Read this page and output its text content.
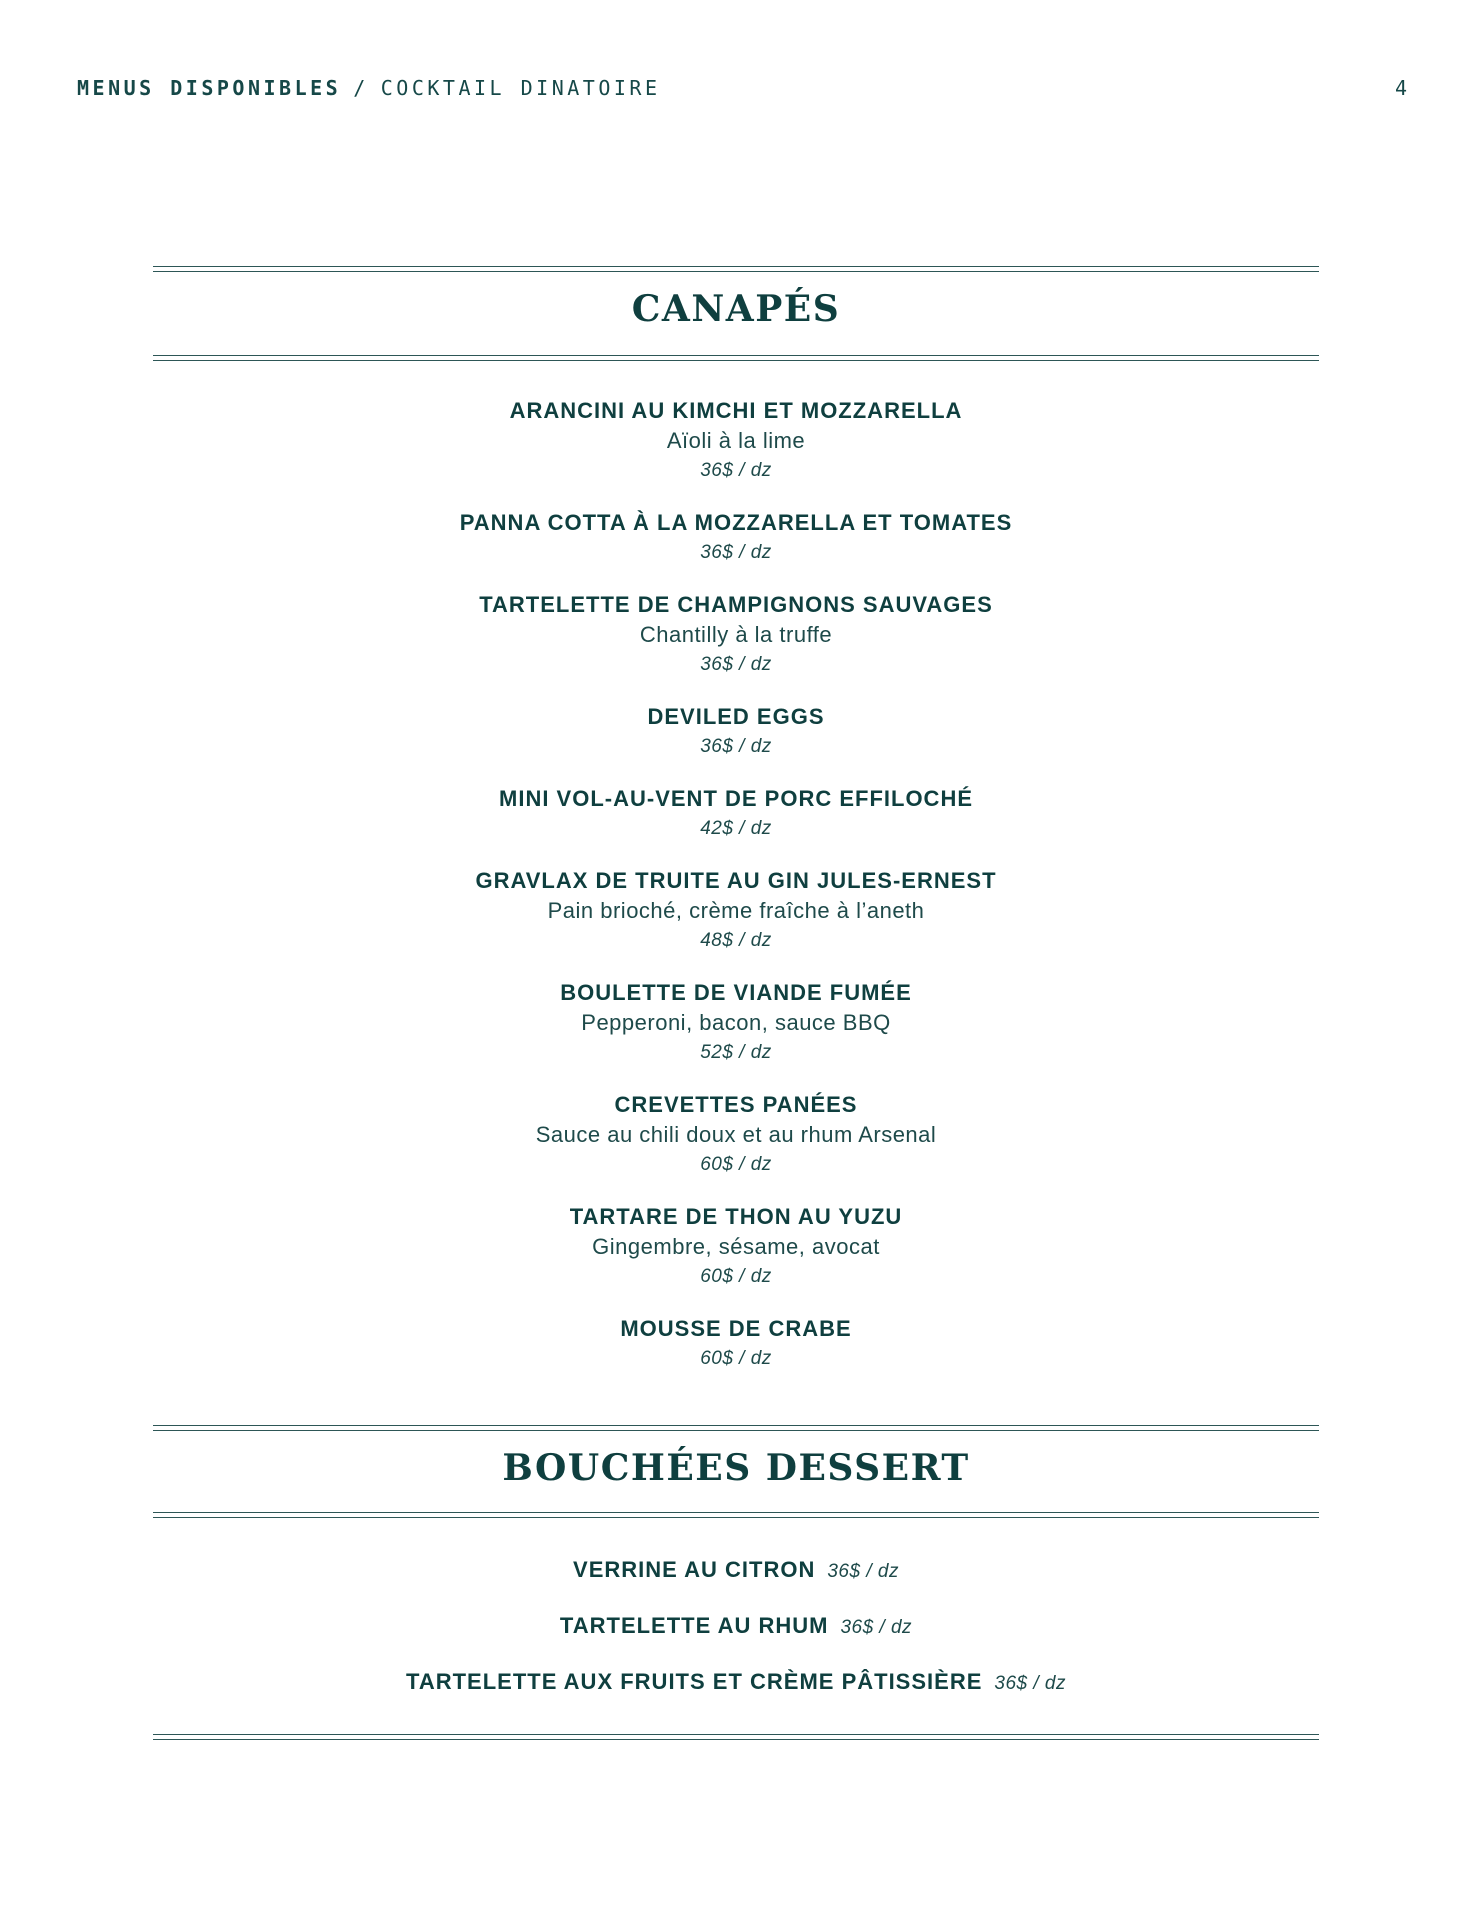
MENUS DISPONIBLES / COCKTAIL DINATOIRE	4
CANAPÉS
ARANCINI AU KIMCHI ET MOZZARELLA
Aïoli à la lime
36$ / dz
PANNA COTTA À LA MOZZARELLA ET TOMATES
36$ / dz
TARTELETTE DE CHAMPIGNONS SAUVAGES
Chantilly à la truffe
36$ / dz
DEVILED EGGS
36$ / dz
MINI VOL-AU-VENT DE PORC EFFILOCHÉ
42$ / dz
GRAVLAX DE TRUITE AU GIN JULES-ERNEST
Pain brioché, crème fraîche à l’aneth
48$ / dz
BOULETTE DE VIANDE FUMÉE
Pepperoni, bacon, sauce BBQ
52$ / dz
CREVETTES PANÉES
Sauce au chili doux et au rhum Arsenal
60$ / dz
TARTARE DE THON AU YUZU
Gingembre, sésame, avocat
60$ / dz
MOUSSE DE CRABE
60$ / dz
BOUCHÉES DESSERT
VERRINE AU CITRON 36$ / dz
TARTELETTE AU RHUM 36$ / dz
TARTELETTE AUX FRUITS ET CRÈME PÂTISSIÈRE 36$ / dz
